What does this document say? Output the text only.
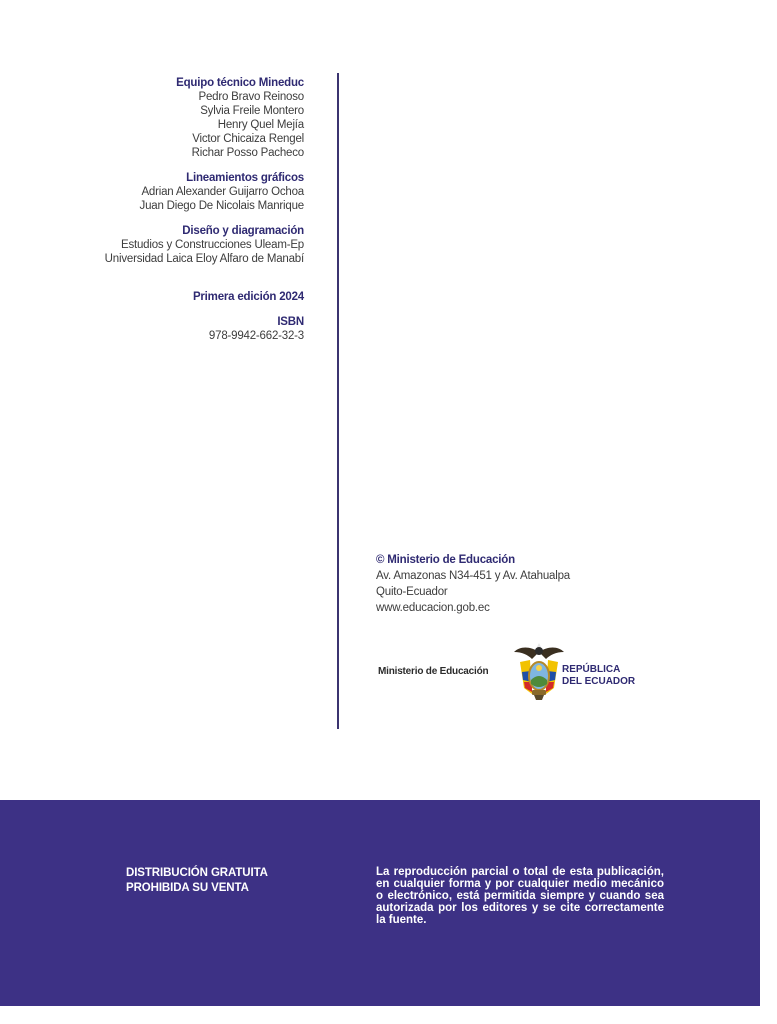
Equipo técnico Mineduc
Pedro Bravo Reinoso
Sylvia Freile Montero
Henry Quel Mejía
Victor Chicaiza Rengel
Richar Posso Pacheco
Lineamientos gráficos
Adrian Alexander Guijarro Ochoa
Juan Diego De Nicolais Manrique
Diseño y diagramación
Estudios y Construcciones Uleam-Ep
Universidad Laica Eloy Alfaro de Manabí
Primera edición 2024
ISBN
978-9942-662-32-3
© Ministerio de Educación
Av. Amazonas N34-451 y Av. Atahualpa
Quito-Ecuador
www.educacion.gob.ec
Ministerio de Educación	REPÚBLICA
DEL ECUADOR
DISTRIBUCIÓN GRATUITA
PROHIBIDA SU VENTA
La reproducción parcial o total de esta publicación, en cualquier forma y por cualquier medio mecánico o electrónico, está permitida siempre y cuando sea autorizada por los editores y se cite correctamente la fuente.
